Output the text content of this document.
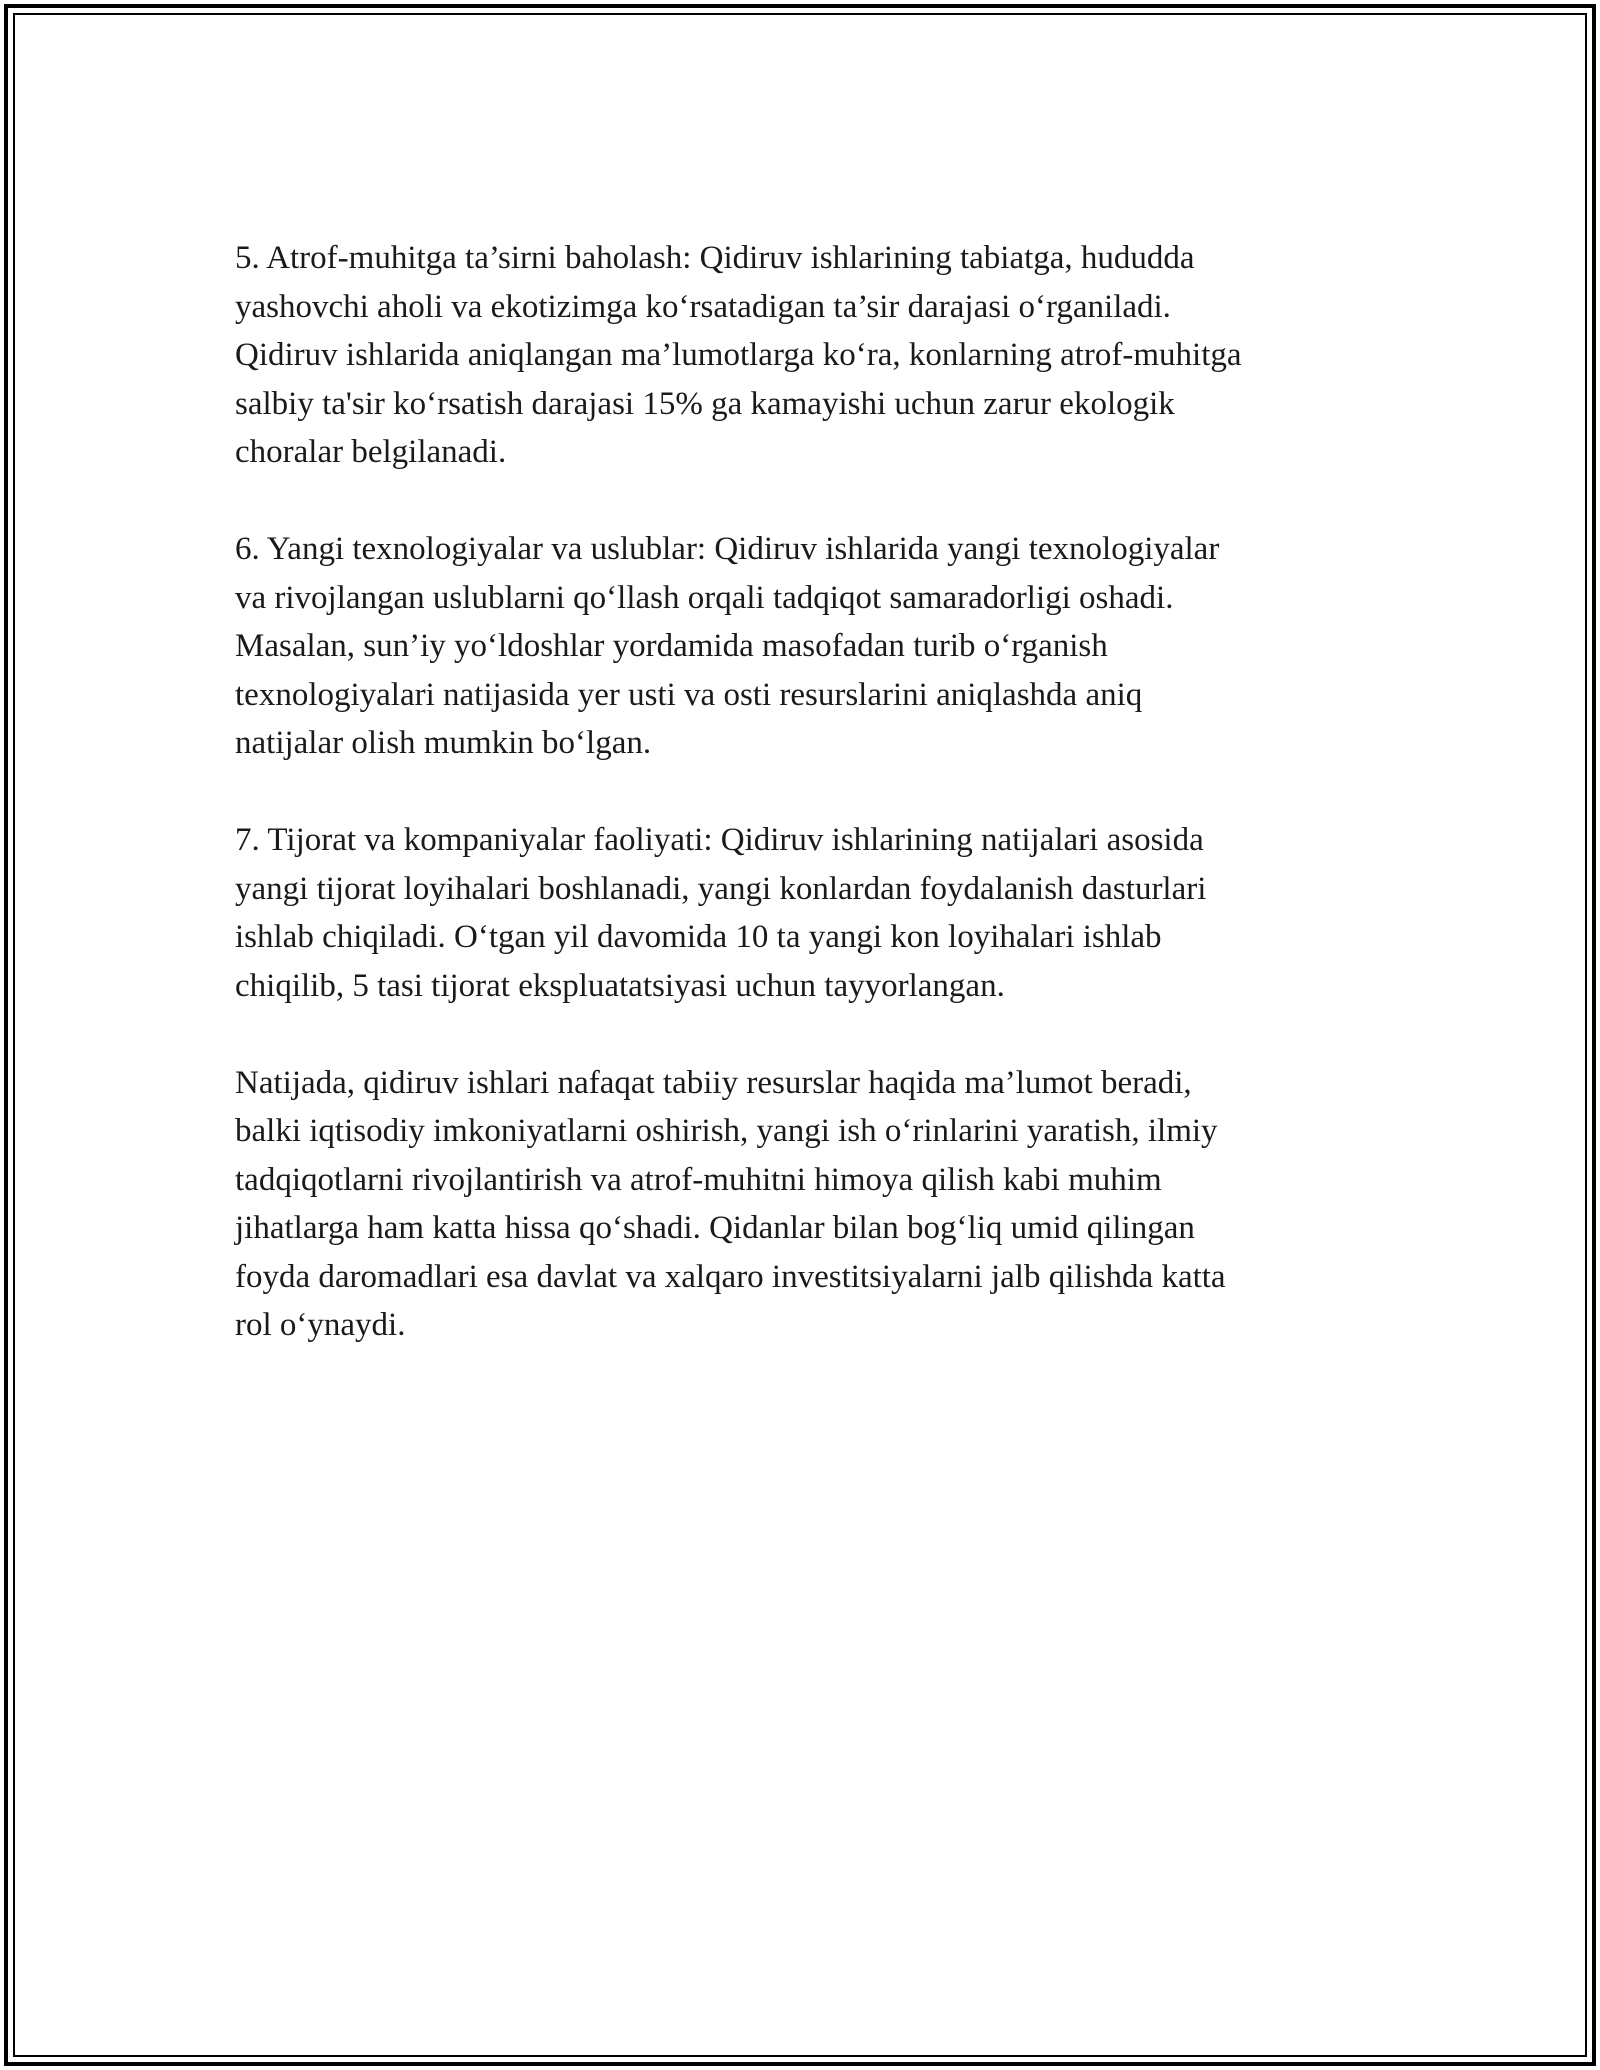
5. Atrof-muhitga ta’sirni baholash: Qidiruv ishlarining tabiatga, hududda
yashovchi aholi va ekotizimga ko‘rsatadigan ta’sir darajasi o‘rganiladi.
Qidiruv ishlarida aniqlangan ma’lumotlarga ko‘ra, konlarning atrof-muhitga
salbiy ta'sir ko‘rsatish darajasi 15% ga kamayishi uchun zarur ekologik
choralar belgilanadi.

6. Yangi texnologiyalar va uslublar: Qidiruv ishlarida yangi texnologiyalar
va rivojlangan uslublarni qo‘llash orqali tadqiqot samaradorligi oshadi.
Masalan, sun’iy yo‘ldoshlar yordamida masofadan turib o‘rganish
texnologiyalari natijasida yer usti va osti resurslarini aniqlashda aniq
natijalar olish mumkin bo‘lgan.

7. Tijorat va kompaniyalar faoliyati: Qidiruv ishlarining natijalari asosida
yangi tijorat loyihalari boshlanadi, yangi konlardan foydalanish dasturlari
ishlab chiqiladi. O‘tgan yil davomida 10 ta yangi kon loyihalari ishlab
chiqilib, 5 tasi tijorat ekspluatatsiyasi uchun tayyorlangan.

Natijada, qidiruv ishlari nafaqat tabiiy resurslar haqida ma’lumot beradi,
balki iqtisodiy imkoniyatlarni oshirish, yangi ish o‘rinlarini yaratish, ilmiy
tadqiqotlarni rivojlantirish va atrof-muhitni himoya qilish kabi muhim
jihatlarga ham katta hissa qo‘shadi. Qidanlar bilan bog‘liq umid qilingan
foyda daromadlari esa davlat va xalqaro investitsiyalarni jalb qilishda katta
rol o‘ynaydi.
